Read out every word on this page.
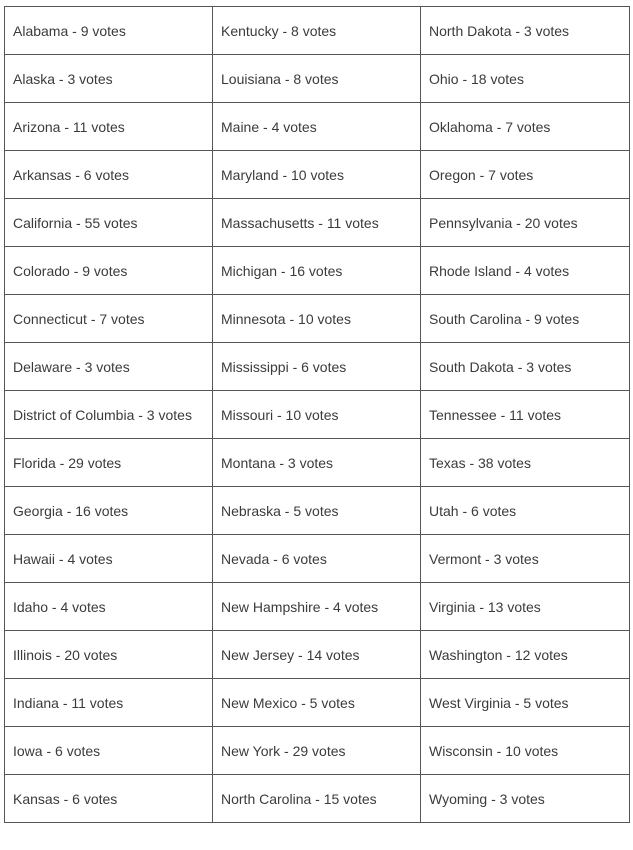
Alabama - 9 votes	Kentucky - 8 votes	North Dakota - 3 votes
Alaska - 3 votes	Louisiana - 8 votes	Ohio - 18 votes
Arizona - 11 votes	Maine - 4 votes	Oklahoma - 7 votes
Arkansas - 6 votes	Maryland - 10 votes	Oregon - 7 votes
California - 55 votes	Massachusetts - 11 votes	Pennsylvania - 20 votes
Colorado - 9 votes	Michigan - 16 votes	Rhode Island - 4 votes
Connecticut - 7 votes	Minnesota - 10 votes	South Carolina - 9 votes
Delaware - 3 votes	Mississippi - 6 votes	South Dakota - 3 votes
District of Columbia - 3 votes	Missouri - 10 votes	Tennessee - 11 votes
Florida - 29 votes	Montana - 3 votes	Texas - 38 votes
Georgia - 16 votes	Nebraska - 5 votes	Utah - 6 votes
Hawaii - 4 votes	Nevada - 6 votes	Vermont - 3 votes
Idaho - 4 votes	New Hampshire - 4 votes	Virginia - 13 votes
Illinois - 20 votes	New Jersey - 14 votes	Washington - 12 votes
Indiana - 11 votes	New Mexico - 5 votes	West Virginia - 5 votes
Iowa - 6 votes	New York - 29 votes	Wisconsin - 10 votes
Kansas - 6 votes	North Carolina - 15 votes	Wyoming - 3 votes
